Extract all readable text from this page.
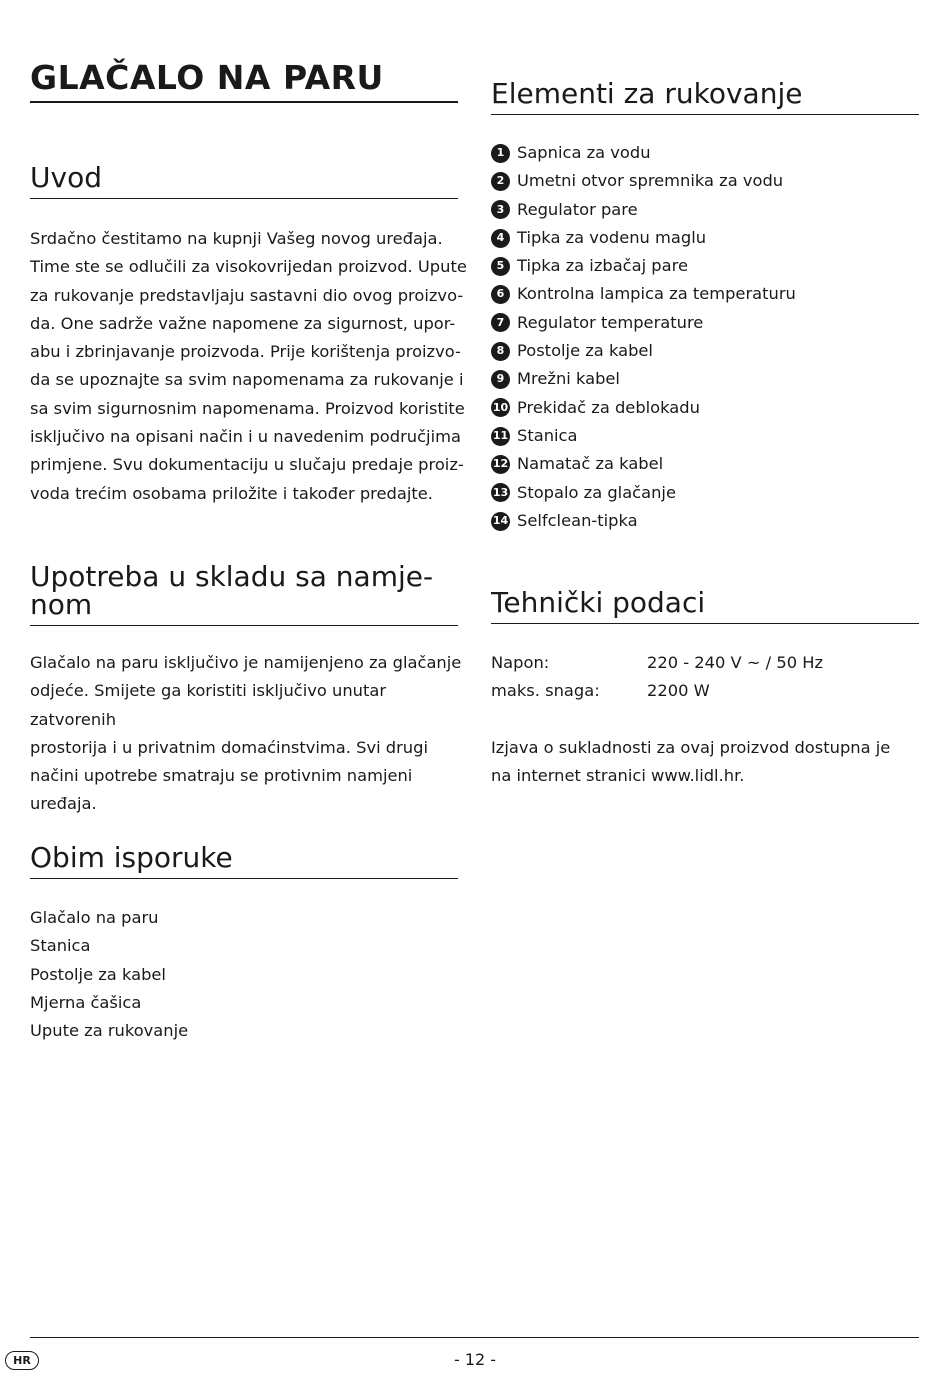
GLAČALO NA PARU
Uvod
Srdačno čestitamo na kupnji Vašeg novog uređaja.
Time ste se odlučili za visokovrijedan proizvod. Upute
za rukovanje predstavljaju sastavni dio ovog proizvo-
da. One sadrže važne napomene za sigurnost, upor-
abu i zbrinjavanje proizvoda. Prije korištenja proizvo-
da se upoznajte sa svim napomenama za rukovanje i
sa svim sigurnosnim napomenama. Proizvod koristite
isključivo na opisani način i u navedenim područjima
primjene. Svu dokumentaciju u slučaju predaje proiz-
voda trećim osobama priložite i također predajte.
Upotreba u skladu sa namje-
nom
Glačalo na paru isključivo je namijenjeno za glačanje
odjeće. Smijete ga koristiti isključivo unutar zatvorenih
prostorija i u privatnim domaćinstvima. Svi drugi
načini upotrebe smatraju se protivnim namjeni
uređaja.
Obim isporuke
Glačalo na paru
Stanica
Postolje za kabel
Mjerna čašica
Upute za rukovanje
Elementi za rukovanje
1 Sapnica za vodu
2 Umetni otvor spremnika za vodu
3 Regulator pare
4 Tipka za vodenu maglu
5 Tipka za izbačaj pare
6 Kontrolna lampica za temperaturu
7 Regulator temperature
8 Postolje za kabel
9 Mrežni kabel
10 Prekidač za deblokadu
11 Stanica
12 Namatač za kabel
13 Stopalo za glačanje
14 Selfclean-tipka
Tehnički podaci
Napon:	220 - 240 V ~ / 50 Hz
maks. snaga:	2200 W
Izjava o sukladnosti za ovaj proizvod dostupna je
na internet stranici www.lidl.hr.
HR	- 12 -
